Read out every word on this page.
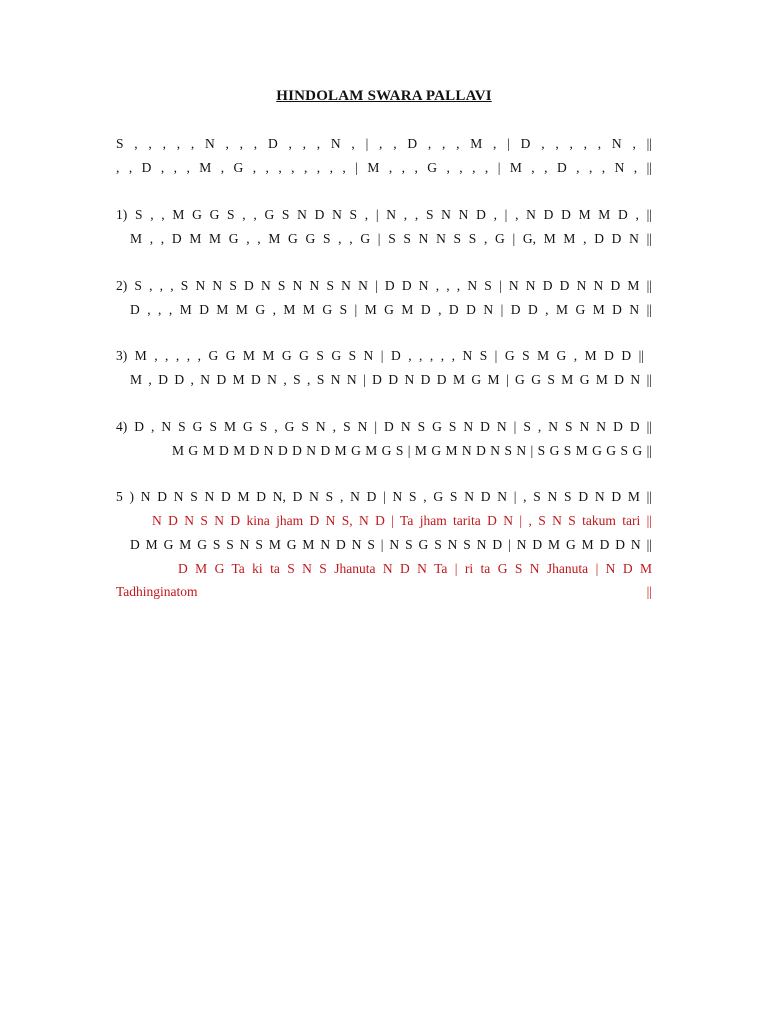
HINDOLAM SWARA PALLAVI
S , , , , , N , , , D , , , N , | , , D , , , M , | D , , , , , N , ||
, , D , , , M , G , , , , , , , , | M , , , G , , , , | M , , D , , , N , ||
1) S , , M G G S , , G S N D N S , | N , , S N N D , | , N D D M M D , ||
M , , D M M G , , M G G S , , G | S S N N S S , G | G, M M , D D N ||
2) S , , , S N N S D N S N N S N N | D D N , , , N S | N N D D N N D M ||
D , , , M D M M G , M M G S | M G M D , D D N | D D , M G M D N ||
3) M , , , , , G G M M G G S G S N | D , , , , , N S | G S M G , M D D ||
M , D D , N D M D N , S , S N N | D D N D D M G M | G G S M G M D N ||
4) D , N S G S M G S , G S N , S N | D N S G S N D N | S , N S N N D D ||
M G M D M D N D D N D M G M G S | M G M N D N S N | S G S M G G S G ||
5 ) N D N S N D M D N, D N S , N D | N S , G S N D N | , S N S D N D M ||
N D N S N D kina jham D N S, N D | Ta jham tarita D N | , S N S takum tari ||
D M G M G S S N S M G M N D N S | N S G S N S N D | N D M G M D D N ||
D M G Ta ki ta S N S Jhanuta N D N Ta | ri ta G S N Jhanuta | N D M
Tadhinginatom	||
